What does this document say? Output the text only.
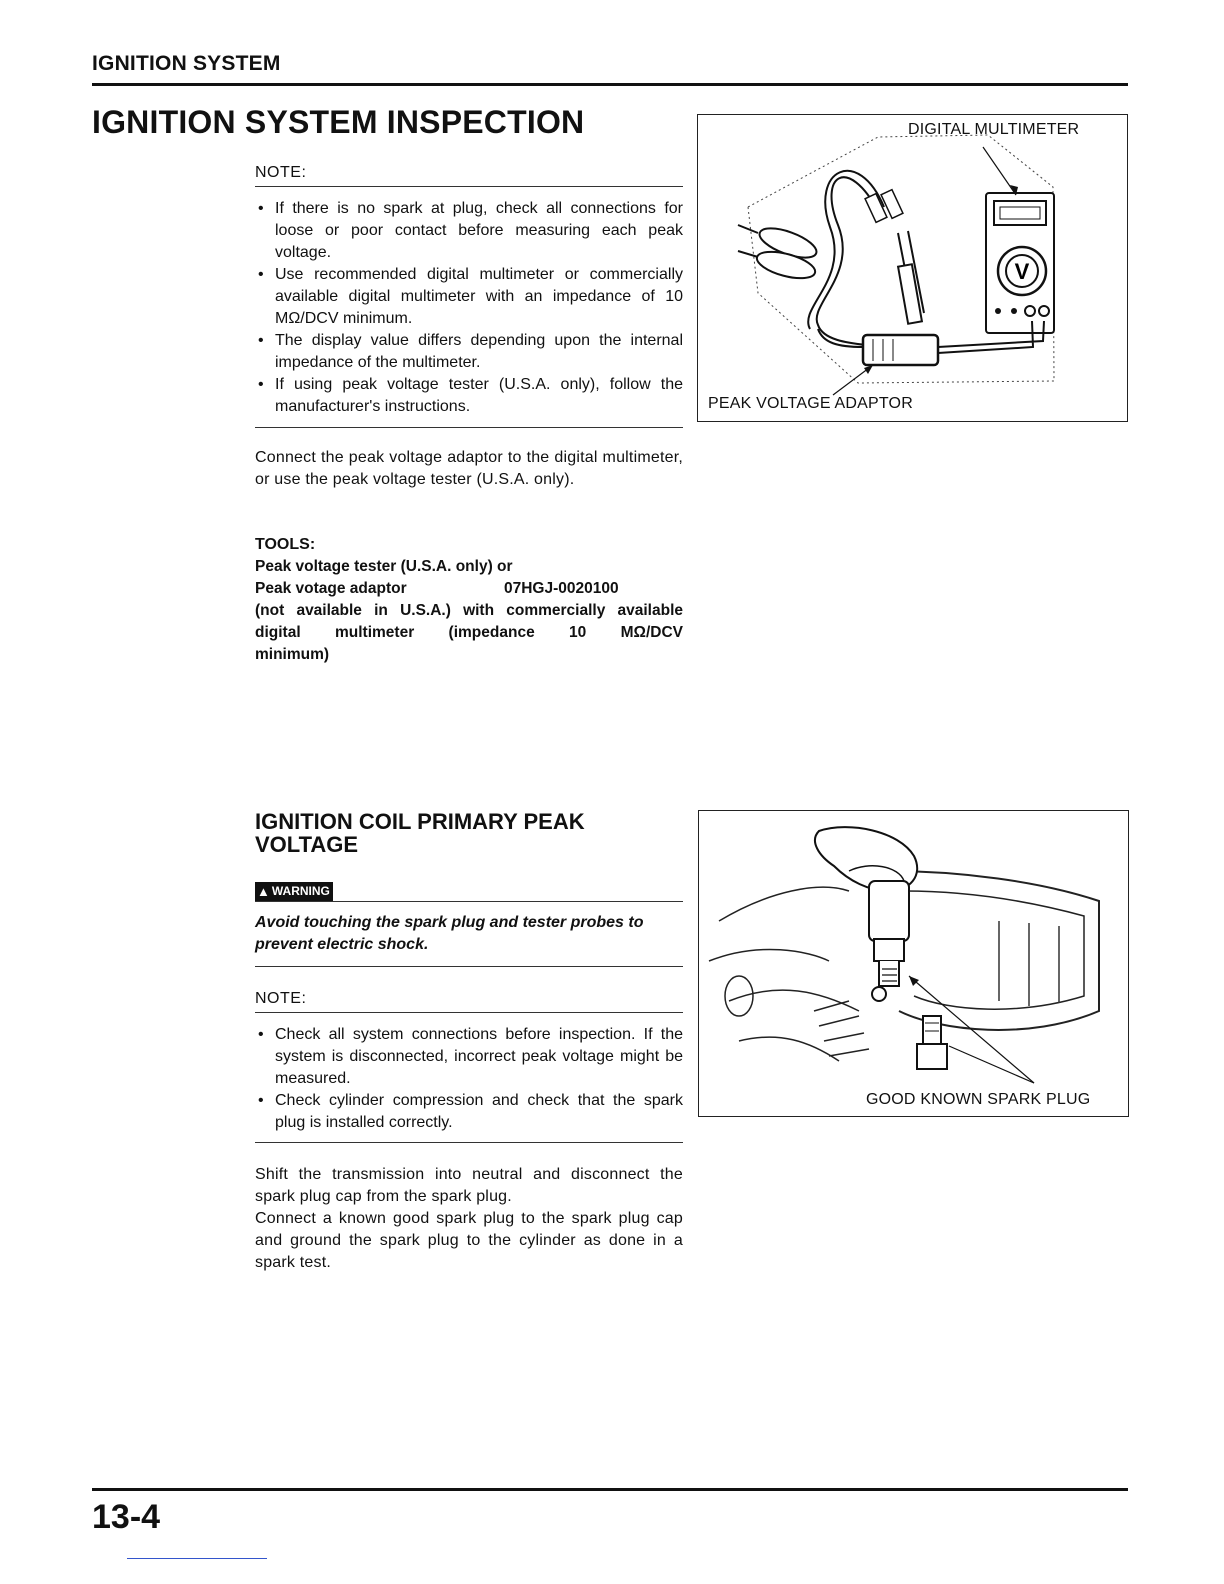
IGNITION SYSTEM
IGNITION SYSTEM INSPECTION
NOTE:
• If there is no spark at plug, check all connections for loose or poor contact before measuring each peak voltage.
• Use recommended digital multimeter or commercially available digital multimeter with an impedance of 10 MΩ/DCV minimum.
• The display value differs depending upon the internal impedance of the multimeter.
• If using peak voltage tester (U.S.A. only), follow the manufacturer's instructions.
Connect the peak voltage adaptor to the digital multimeter, or use the peak voltage tester (U.S.A. only).
TOOLS:
Peak voltage tester (U.S.A. only) or
Peak votage adaptor	07HGJ-0020100
(not available in U.S.A.) with commercially available
digital multimeter (impedance 10 MΩ/DCV
minimum)
V
DIGITAL MULTIMETER
PEAK VOLTAGE ADAPTOR
IGNITION COIL PRIMARY PEAK VOLTAGE
▲ WARNING
Avoid touching the spark plug and tester probes to prevent electric shock.
NOTE:
• Check all system connections before inspection. If the system is disconnected, incorrect peak voltage might be measured.
• Check cylinder compression and check that the spark plug is installed correctly.
Shift the transmission into neutral and disconnect the spark plug cap from the spark plug.
Connect a known good spark plug to the spark plug cap and ground the spark plug to the cylinder as done in a spark test.
GOOD KNOWN SPARK PLUG
13-4
